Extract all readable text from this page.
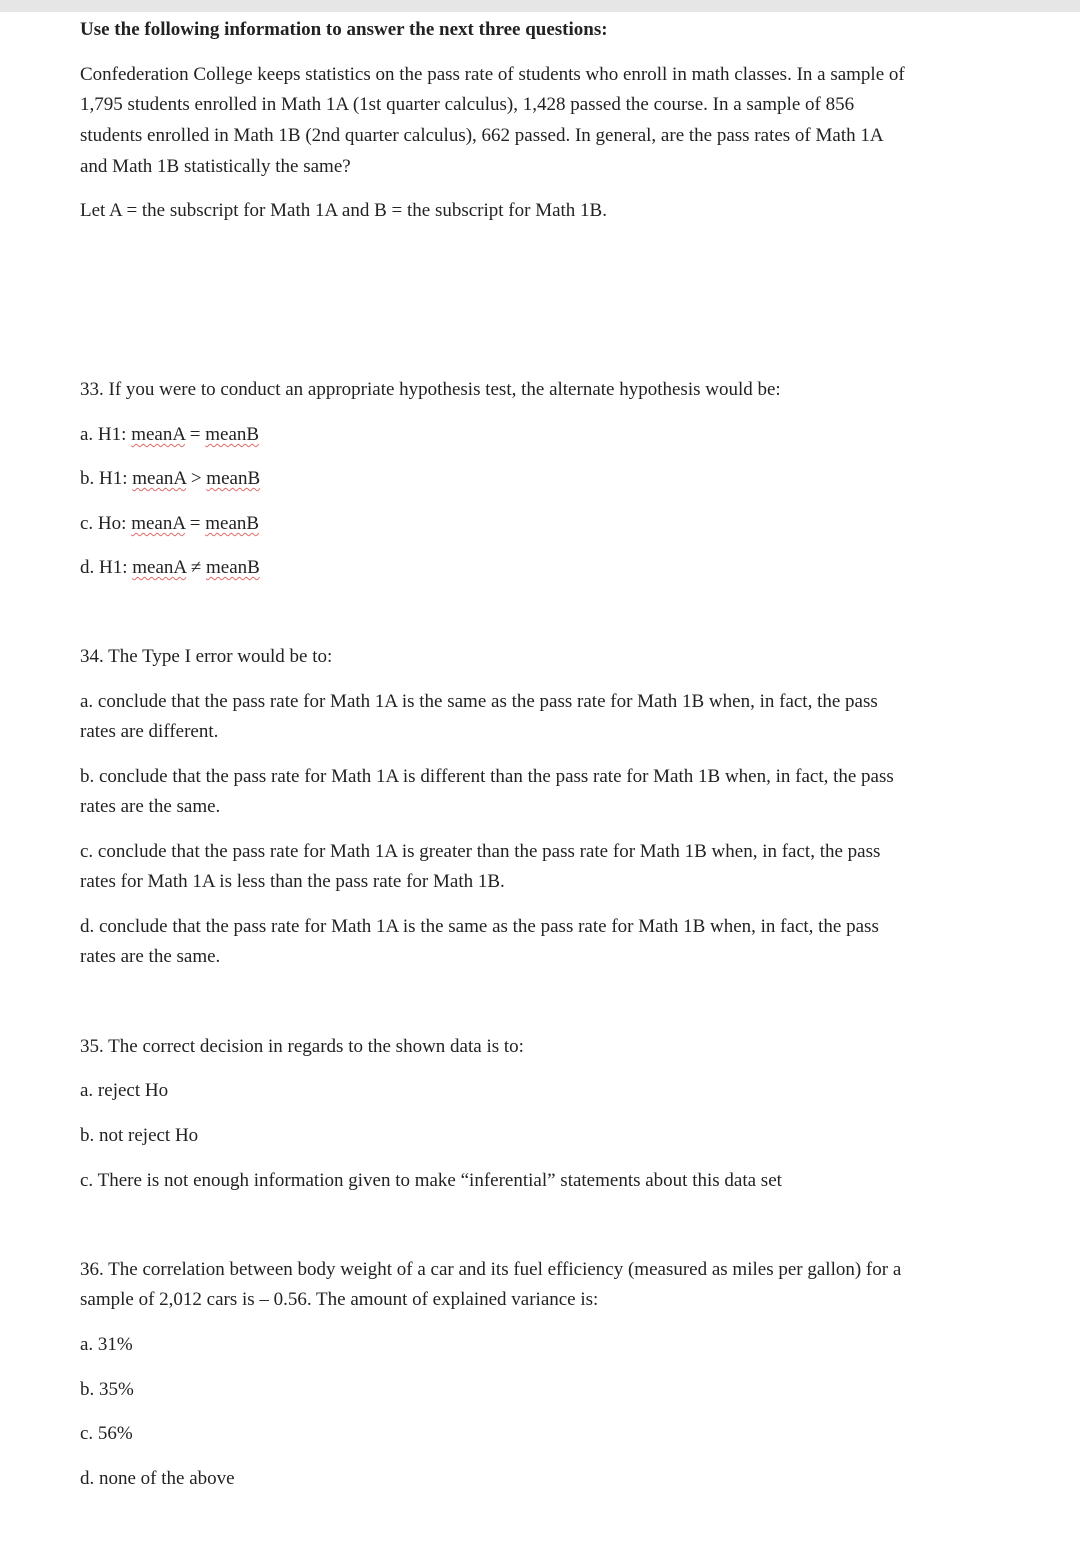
Use the following information to answer the next three questions:
Confederation College keeps statistics on the pass rate of students who enroll in math classes. In a sample of
1,795 students enrolled in Math 1A (1st quarter calculus), 1,428 passed the course. In a sample of 856
students enrolled in Math 1B (2nd quarter calculus), 662 passed. In general, are the pass rates of Math 1A
and Math 1B statistically the same?
Let A = the subscript for Math 1A and B = the subscript for Math 1B.
33. If you were to conduct an appropriate hypothesis test, the alternate hypothesis would be:
a. H1: meanA = meanB
b. H1: meanA > meanB
c. Ho: meanA = meanB
d. H1: meanA ≠ meanB
34. The Type I error would be to:
a. conclude that the pass rate for Math 1A is the same as the pass rate for Math 1B when, in fact, the pass
rates are different.
b. conclude that the pass rate for Math 1A is different than the pass rate for Math 1B when, in fact, the pass
rates are the same.
c. conclude that the pass rate for Math 1A is greater than the pass rate for Math 1B when, in fact, the pass
rates for Math 1A is less than the pass rate for Math 1B.
d. conclude that the pass rate for Math 1A is the same as the pass rate for Math 1B when, in fact, the pass
rates are the same.
35. The correct decision in regards to the shown data is to:
a. reject Ho
b. not reject Ho
c. There is not enough information given to make “inferential” statements about this data set
36. The correlation between body weight of a car and its fuel efficiency (measured as miles per gallon) for a
sample of 2,012 cars is – 0.56. The amount of explained variance is:
a. 31%
b. 35%
c. 56%
d. none of the above
